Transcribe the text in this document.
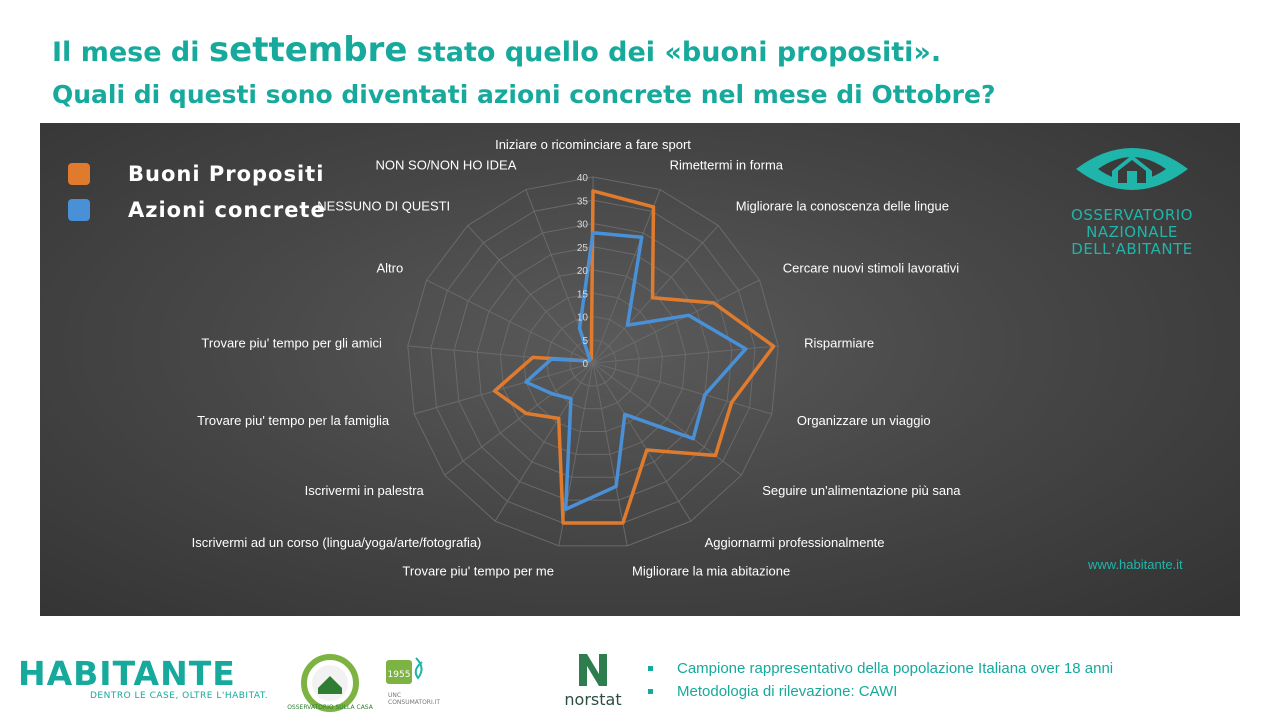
Il mese di settembre stato quello dei «buoni propositi».
Quali di questi sono diventati azioni concrete nel mese di Ottobre?
Iniziare o ricominciare a fare sport
Rimettermi in forma
Migliorare la conoscenza delle lingue
Cercare nuovi stimoli lavorativi
Risparmiare
Organizzare un viaggio
Seguire un'alimentazione più sana
Aggiornarmi professionalmente
Migliorare la mia abitazione
Trovare piu' tempo per me
Iscrivermi ad un corso (lingua/yoga/arte/fotografia)
Iscrivermi in palestra
Trovare piu' tempo per la famiglia
Trovare piu' tempo per gli amici
Altro
NESSUNO DI QUESTI
NON SO/NON HO IDEA
0
5
10
15
20
25
30
35
40
Buoni Propositi
Azioni concrete	OSSERVATORIO
NAZIONALE
DELL'ABITANTE
www.habitante.it
HABITANTE
DENTRO LE CASE, OLTRE L'HABITAT.
OSSERVATORIO SULLA CASA
1955
UNC CONSUMATORI.IT	norstat
Campione rappresentativo della popolazione Italiana over 18 anni
Metodologia di rilevazione: CAWI
